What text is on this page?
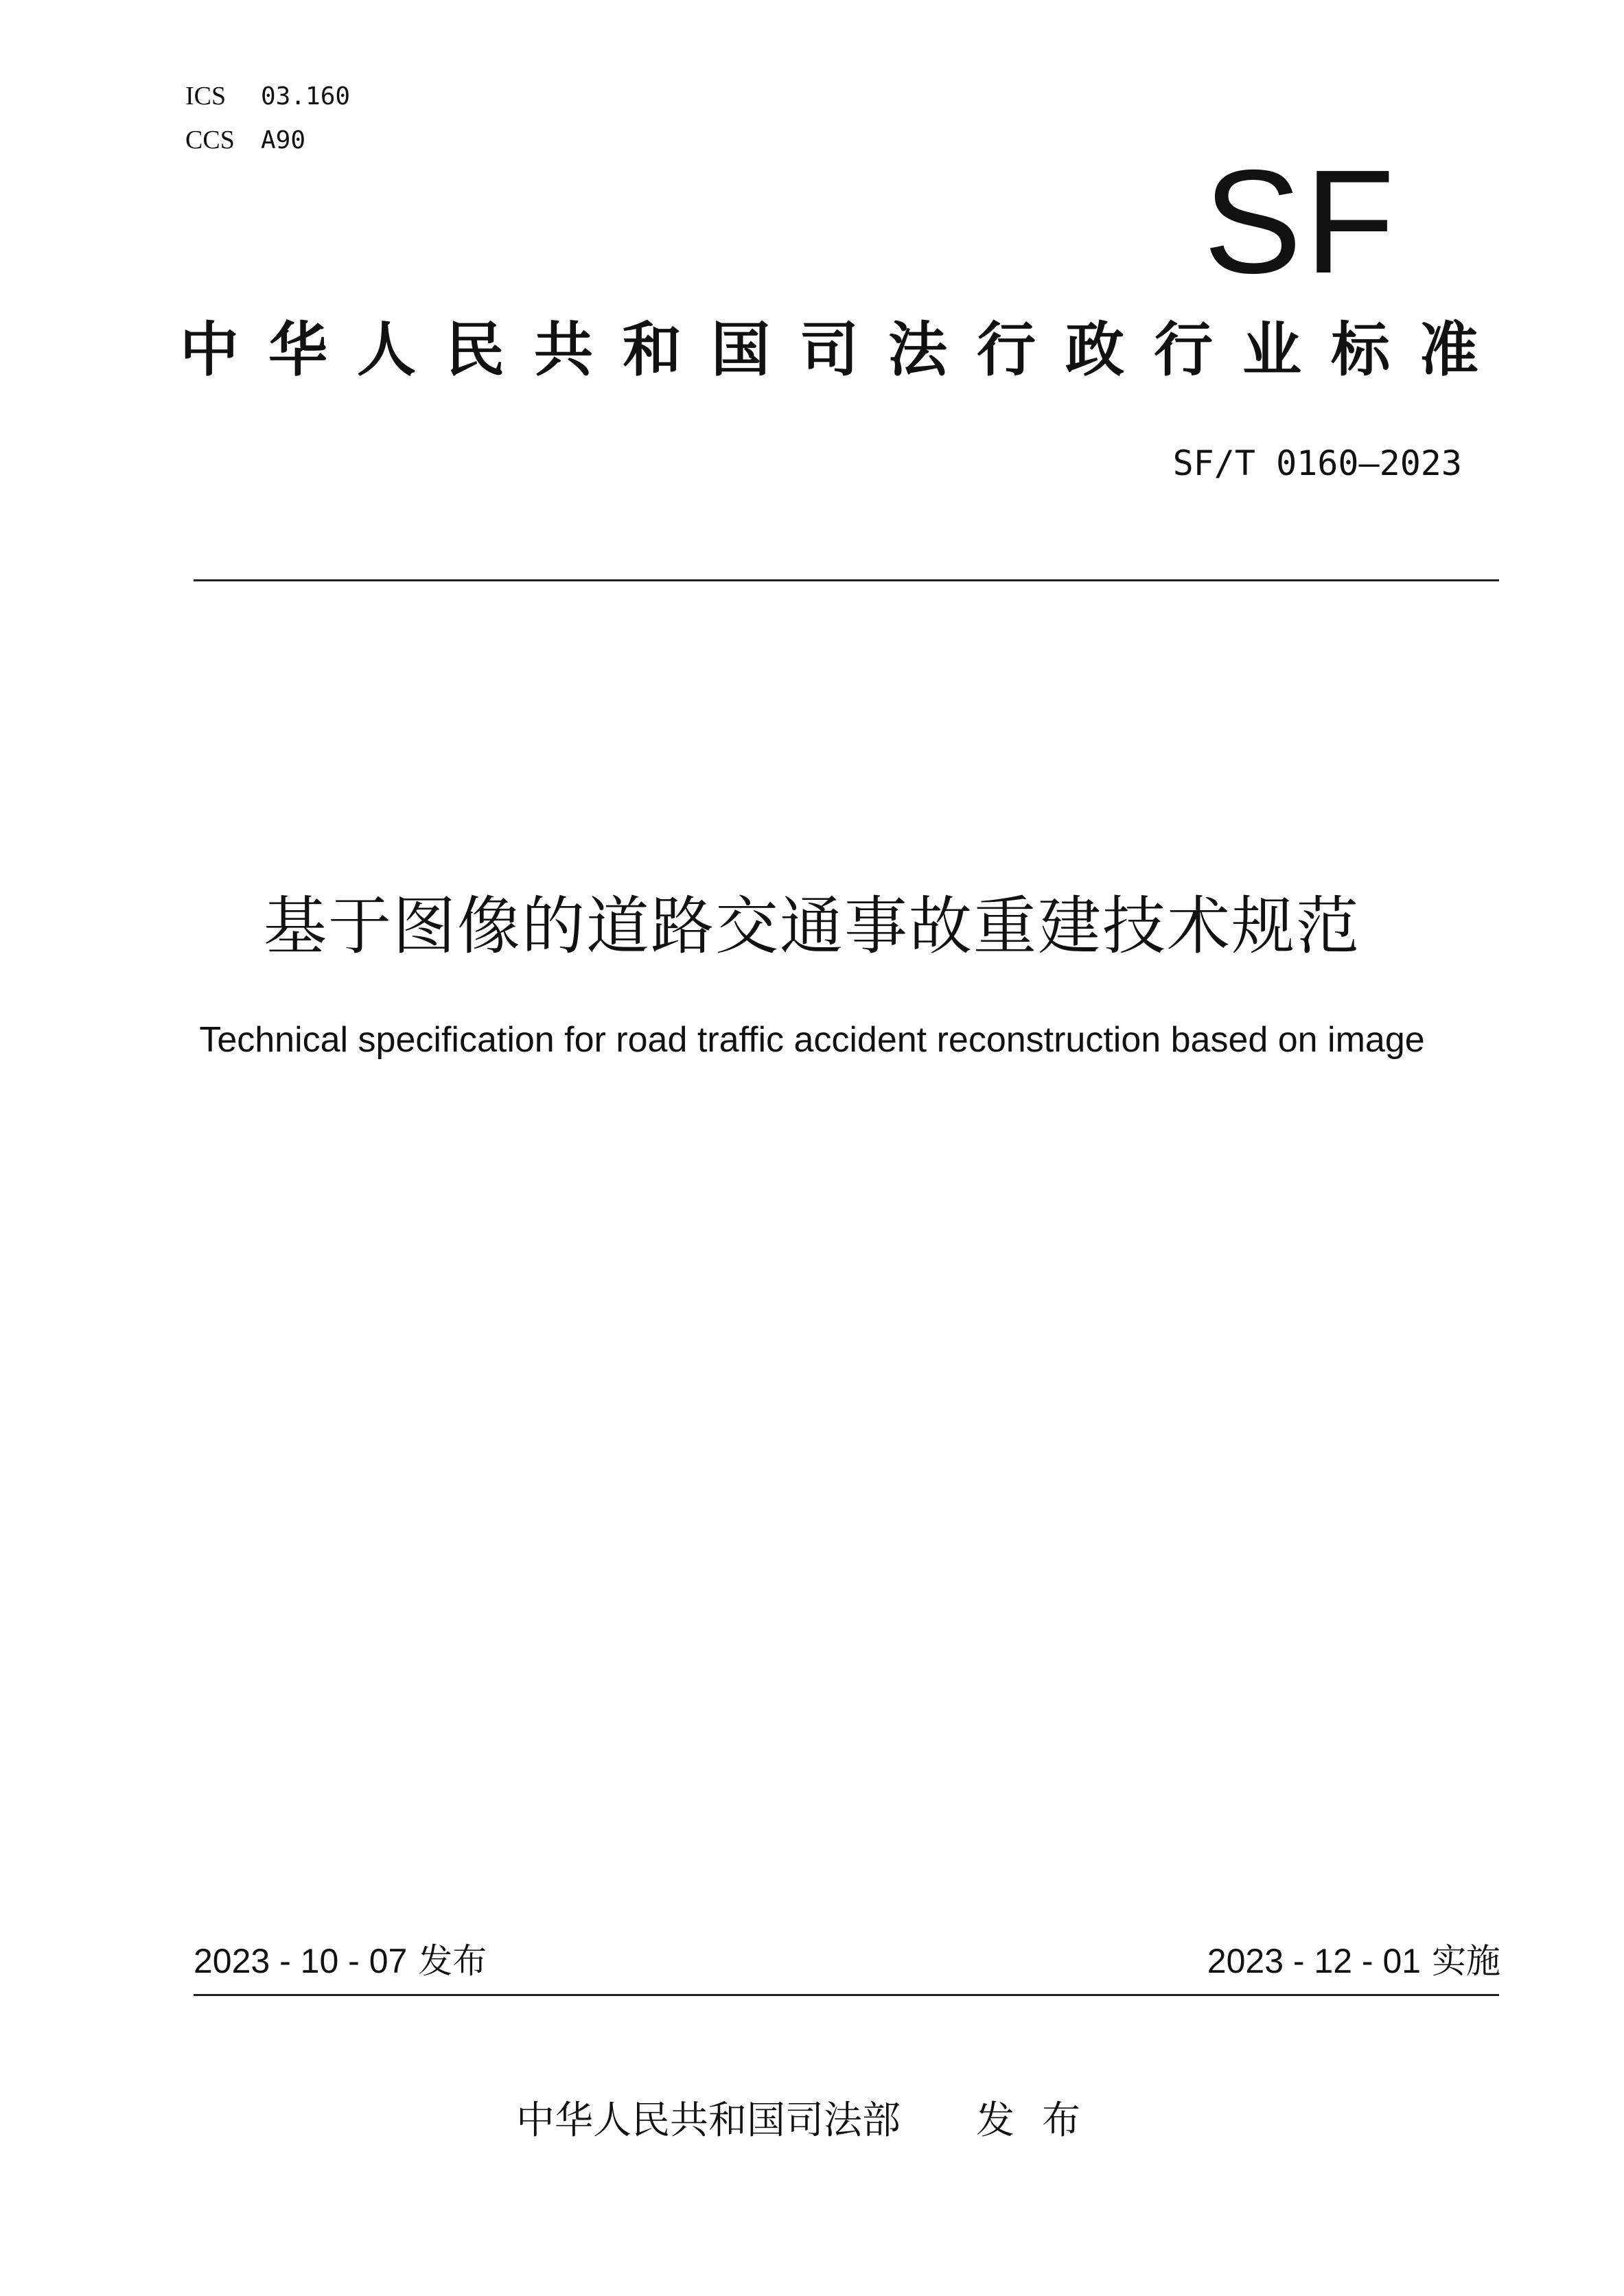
ICS 03.160
CCS A90	SF
中华人民共和国司法行政行业标准
SF/T 0160—2023
基于图像的道路交通事故重建技术规范
Technical specification for road traffic accident reconstruction based on image
2023 - 10 - 07 发布	2023 - 12 - 01 实施
中华人民共和国司法部 发布
